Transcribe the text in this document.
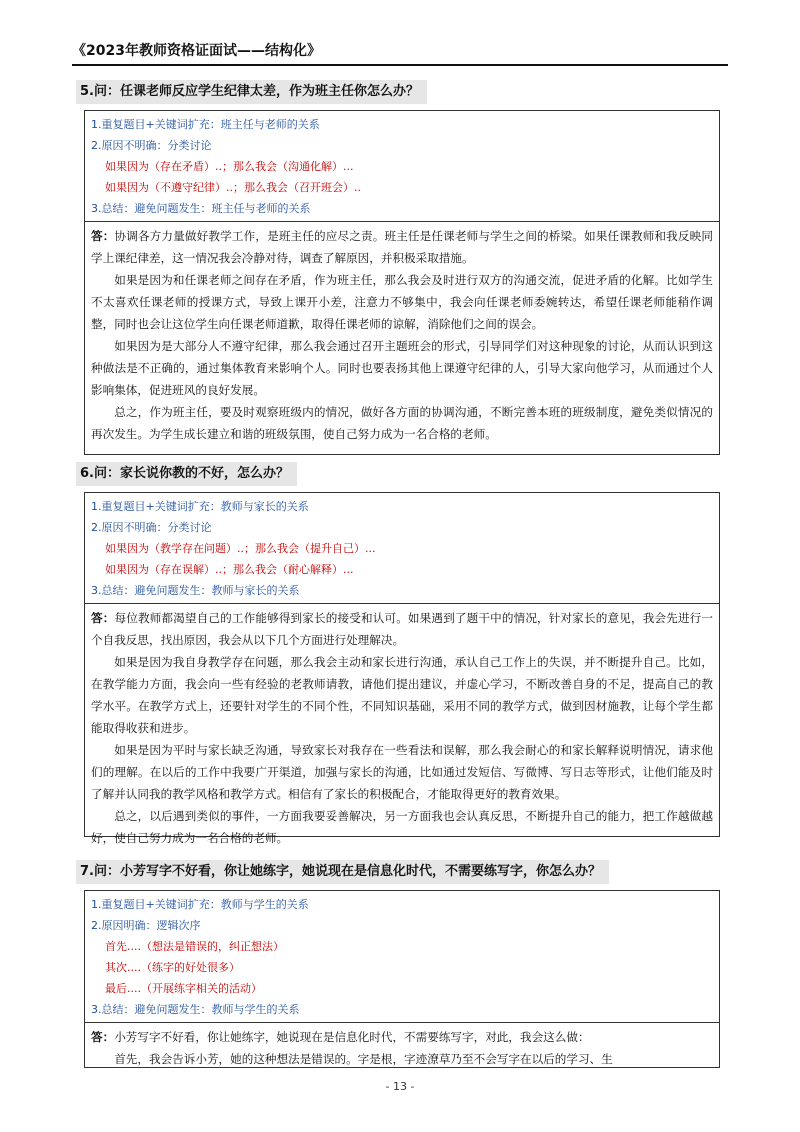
《2023年教师资格证面试——结构化》
5.问：任课老师反应学生纪律太差，作为班主任你怎么办？
1.重复题目+关键词扩充：班主任与老师的关系
2.原因不明确：分类讨论
如果因为（存在矛盾）..；那么我会（沟通化解）...
如果因为（不遵守纪律）..；那么我会（召开班会）..
3.总结：避免问题发生：班主任与老师的关系

答：协调各方力量做好教学工作，是班主任的应尽之责。班主任是任课老师与学生之间的桥梁。如果任课教师和我反映同学上课纪律差，这一情况我会冷静对待，调查了解原因，并积极采取措施。

如果是因为和任课老师之间存在矛盾，作为班主任，那么我会及时进行双方的沟通交流，促进矛盾的化解。比如学生不太喜欢任课老师的授课方式，导致上课开小差，注意力不够集中，我会向任课老师委婉转达，希望任课老师能稍作调整，同时也会让这位学生向任课老师道歉，取得任课老师的谅解，消除他们之间的误会。

如果因为是大部分人不遵守纪律，那么我会通过召开主题班会的形式，引导同学们对这种现象的讨论，从而认识到这种做法是不正确的，通过集体教育来影响个人。同时也要表扬其他上课遵守纪律的人，引导大家向他学习，从而通过个人影响集体，促进班风的良好发展。

总之，作为班主任，要及时观察班级内的情况，做好各方面的协调沟通，不断完善本班的班级制度，避免类似情况的再次发生。为学生成长建立和谐的班级氛围，使自己努力成为一名合格的老师。

6.问：家长说你教的不好，怎么办？
1.重复题目+关键词扩充：教师与家长的关系
2.原因不明确：分类讨论
如果因为（教学存在问题）..；那么我会（提升自己）...
如果因为（存在误解）..；那么我会（耐心解释）...
3.总结：避免问题发生：教师与家长的关系

答：每位教师都渴望自己的工作能够得到家长的接受和认可。如果遇到了题干中的情况，针对家长的意见，我会先进行一个自我反思，找出原因，我会从以下几个方面进行处理解决。

如果是因为我自身教学存在问题，那么我会主动和家长进行沟通，承认自己工作上的失误，并不断提升自己。比如，在教学能力方面，我会向一些有经验的老教师请教，请他们提出建议，并虚心学习，不断改善自身的不足，提高自己的教学水平。在教学方式上，还要针对学生的不同个性，不同知识基础，采用不同的教学方式，做到因材施教，让每个学生都能取得收获和进步。

如果是因为平时与家长缺乏沟通，导致家长对我存在一些看法和误解，那么我会耐心的和家长解释说明情况，请求他们的理解。在以后的工作中我要广开渠道，加强与家长的沟通，比如通过发短信、写微博、写日志等形式，让他们能及时了解并认同我的教学风格和教学方式。相信有了家长的积极配合，才能取得更好的教育效果。

总之，以后遇到类似的事件，一方面我要妥善解决，另一方面我也会认真反思，不断提升自己的能力，把工作越做越好，使自己努力成为一名合格的老师。

7.问：小芳写字不好看，你让她练字，她说现在是信息化时代，不需要练写字，你怎么办？
1.重复题目+关键词扩充：教师与学生的关系
2.原因明确：逻辑次序
首先....（想法是错误的，纠正想法）
其次....（练字的好处很多）
最后....（开展练字相关的活动）
3.总结：避免问题发生：教师与学生的关系

答：小芳写字不好看，你让她练字，她说现在是信息化时代，不需要练写字，对此，我会这么做：

首先，我会告诉小芳，她的这种想法是错误的。字是根，字迹潦草乃至不会写字在以后的学习、生

- 13 -
